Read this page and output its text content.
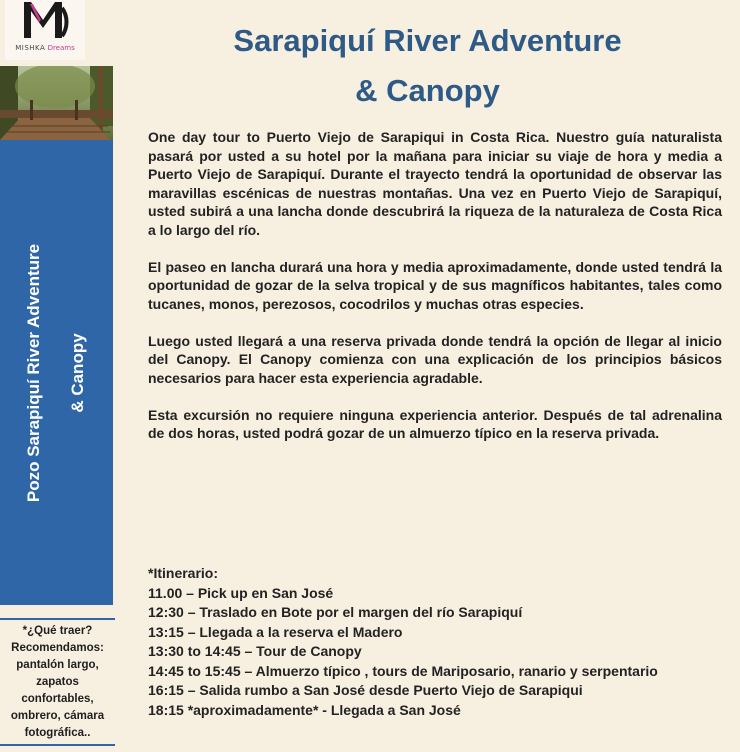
MISHKA Dreams
Pozo Sarapiquí River Adventure	& Canopy
*¿Qué traer?
Recomendamos:
pantalón largo,
zapatos
confortables,
ombrero, cámara
fotográfica..
Sarapiquí River Adventure
& Canopy

One day tour to Puerto Viejo de Sarapiqui in Costa Rica. Nuestro guía naturalista pasará por usted a su hotel por la mañana para iniciar su viaje de hora y media a Puerto Viejo de Sarapiquí. Durante el trayecto tendrá la oportunidad de observar las maravillas escénicas de nuestras montañas. Una vez en Puerto Viejo de Sarapiquí, usted subirá a una lancha donde descubrirá la riqueza de la naturaleza de Costa Rica a lo largo del río.

El paseo en lancha durará una hora y media aproximadamente, donde usted tendrá la oportunidad de gozar de la selva tropical y de sus magníficos habitantes, tales como tucanes, monos, perezosos, cocodrilos y muchas otras especies.

Luego usted llegará a una reserva privada donde tendrá la opción de llegar al inicio del Canopy. El Canopy comienza con una explicación de los principios básicos necesarios para hacer esta experiencia agradable.

Esta excursión no requiere ninguna experiencia anterior. Después de tal adrenalina de dos horas, usted podrá gozar de un almuerzo típico en la reserva privada.

*Itinerario:
11.00 – Pick up en San José
12:30 – Traslado en Bote por el margen del río Sarapiquí
13:15 – Llegada a la reserva el Madero
13:30 to 14:45 – Tour de Canopy
14:45 to 15:45 – Almuerzo típico , tours de Mariposario, ranario y serpentario
16:15 – Salida rumbo a San José desde Puerto Viejo de Sarapiqui
18:15 *aproximadamente* - Llegada a San José
